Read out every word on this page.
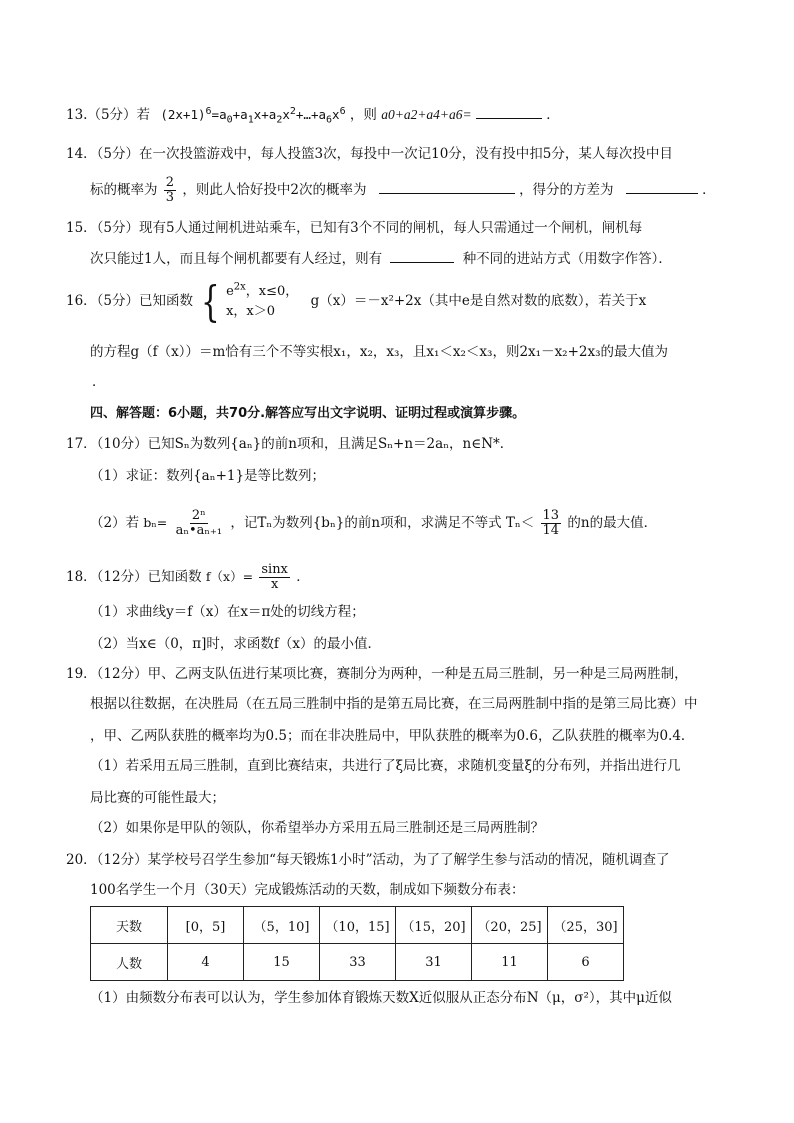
13.（5分）若 $(2x+1)^6=a_0+a_1x+a_2x^2+\dots+a_6x^6$ ，则 a0+a2+a4+a6=	．
14．（5分）在一次投篮游戏中，每人投篮3次，每投中一次记10分，没有投中扣5分，某人每次投中目
标的概率为 $\frac{2}{3}$ ，则此人恰好投中2次的概率为	，得分的方差为	．
15．（5分）现有5人通过闸机进站乘车，已知有3个不同的闸机，每人只需通过一个闸机，闸机每
次只能过1人，而且每个闸机都要有人经过，则有	种不同的进站方式（用数字作答）．
16．（5分）已知函数 { $e^{2x}$，x≤0，
x，x＞0
g（x）＝－x²+2x（其中e是自然对数的底数），若关于x
的方程g（f（x））＝m恰有三个不等实根x₁，x₂，x₃，且x₁＜x₂＜x₃，则2x₁－x₂+2x₃的最大值为
．
四、解答题：6小题，共70分.解答应写出文字说明、证明过程或演算步骤。
17．（10分）已知Sₙ为数列{aₙ}的前n项和，且满足Sₙ+n＝2aₙ，n∈N*．
（1）求证：数列{aₙ+1}是等比数列；
（2）若 $b_n= \frac{\text{2ⁿ}}{\text{aₙ•aₙ₊₁}}$ ，记Tₙ为数列{bₙ}的前n项和，求满足不等式 $T_n< \frac{13}{14}$ 的n的最大值．
18．（12分）已知函数 $f(x)= \frac{\sin x}{x}$ ．
（1）求曲线y＝f（x）在x＝π处的切线方程；
（2）当x∈（0，π]时，求函数f（x）的最小值．
19．（12分）甲、乙两支队伍进行某项比赛，赛制分为两种，一种是五局三胜制，另一种是三局两胜制，
根据以往数据，在决胜局（在五局三胜制中指的是第五局比赛，在三局两胜制中指的是第三局比赛）中
，甲、乙两队获胜的概率均为0.5；而在非决胜局中，甲队获胜的概率为0.6，乙队获胜的概率为0.4．
（1）若采用五局三胜制，直到比赛结束，共进行了ξ局比赛，求随机变量ξ的分布列，并指出进行几
局比赛的可能性最大；
（2）如果你是甲队的领队，你希望举办方采用五局三胜制还是三局两胜制？
20．（12分）某学校号召学生参加“每天锻炼1小时”活动，为了了解学生参与活动的情况，随机调查了
100名学生一个月（30天）完成锻炼活动的天数，制成如下频数分布表：
天数	[0，5]	（5，10]	（10，15]	（15，20]	（20，25]	（25，30]
人数	4	15	33	31	11	6
（1）由频数分布表可以认为，学生参加体育锻炼天数X近似服从正态分布N（μ，σ²），其中μ近似
